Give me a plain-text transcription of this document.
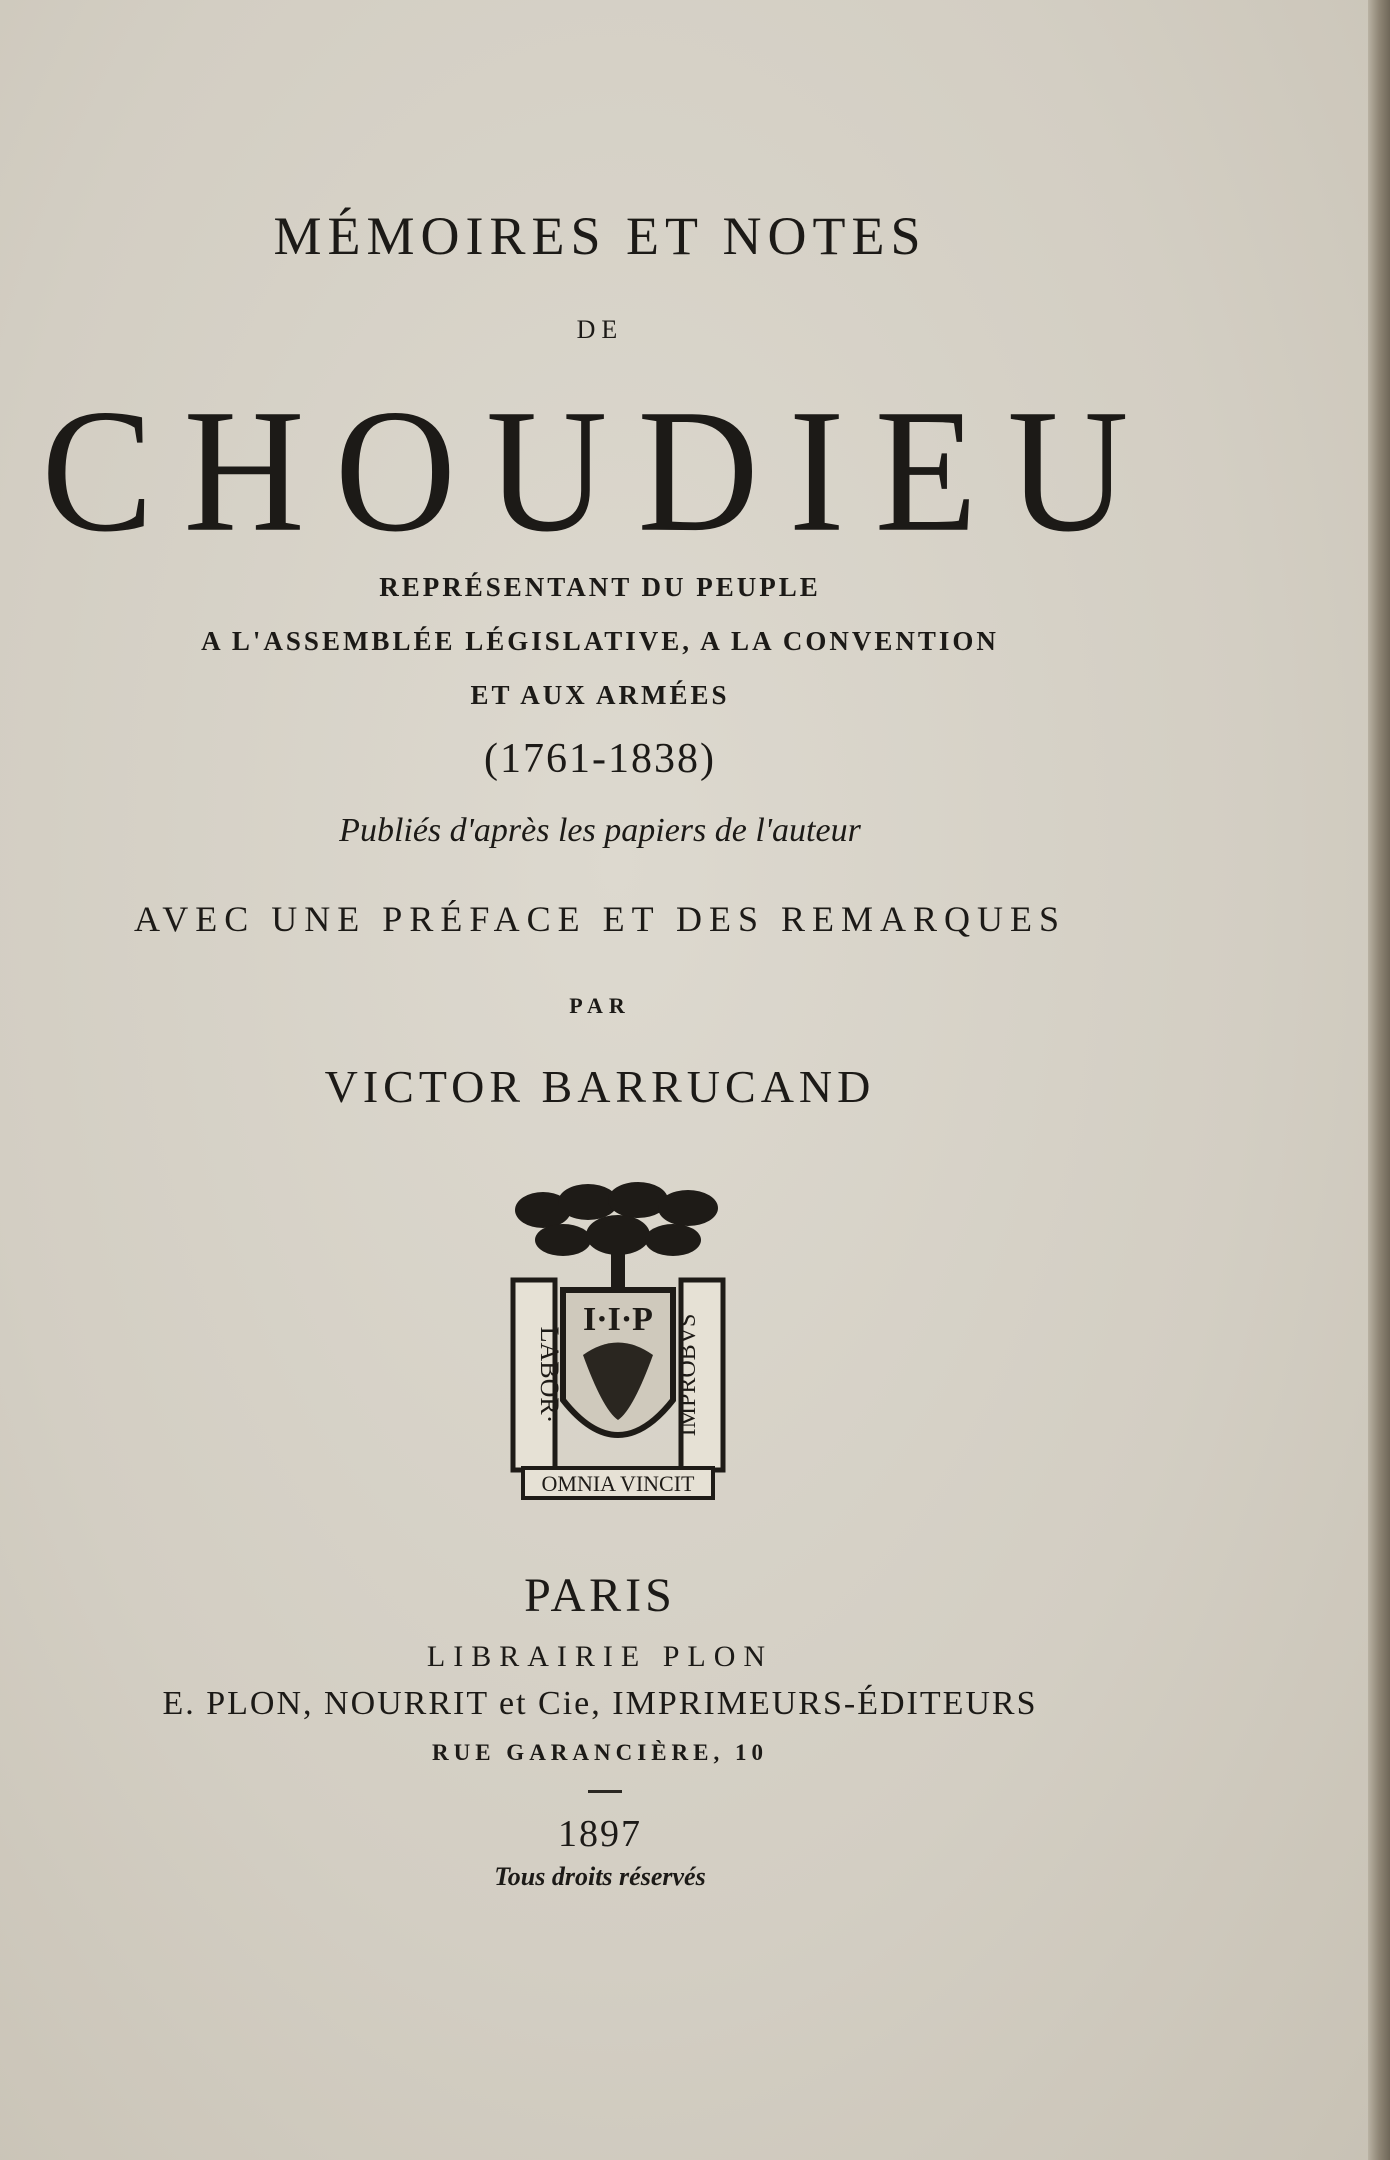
MÉMOIRES ET NOTES
DE
CHOUDIEU
REPRÉSENTANT DU PEUPLE
A L'ASSEMBLÉE LÉGISLATIVE, A LA CONVENTION
ET AUX ARMÉES
(1761-1838)
Publiés d'après les papiers de l'auteur
AVEC UNE PRÉFACE ET DES REMARQUES
PAR
VICTOR BARRUCAND
I·I·P
LABOR·	IMPROBVS
OMNIA VINCIT
PARIS
LIBRAIRIE PLON
E. PLON, NOURRIT et Cie, IMPRIMEURS-ÉDITEURS
RUE GARANCIÈRE, 10
1897
Tous droits réservés
